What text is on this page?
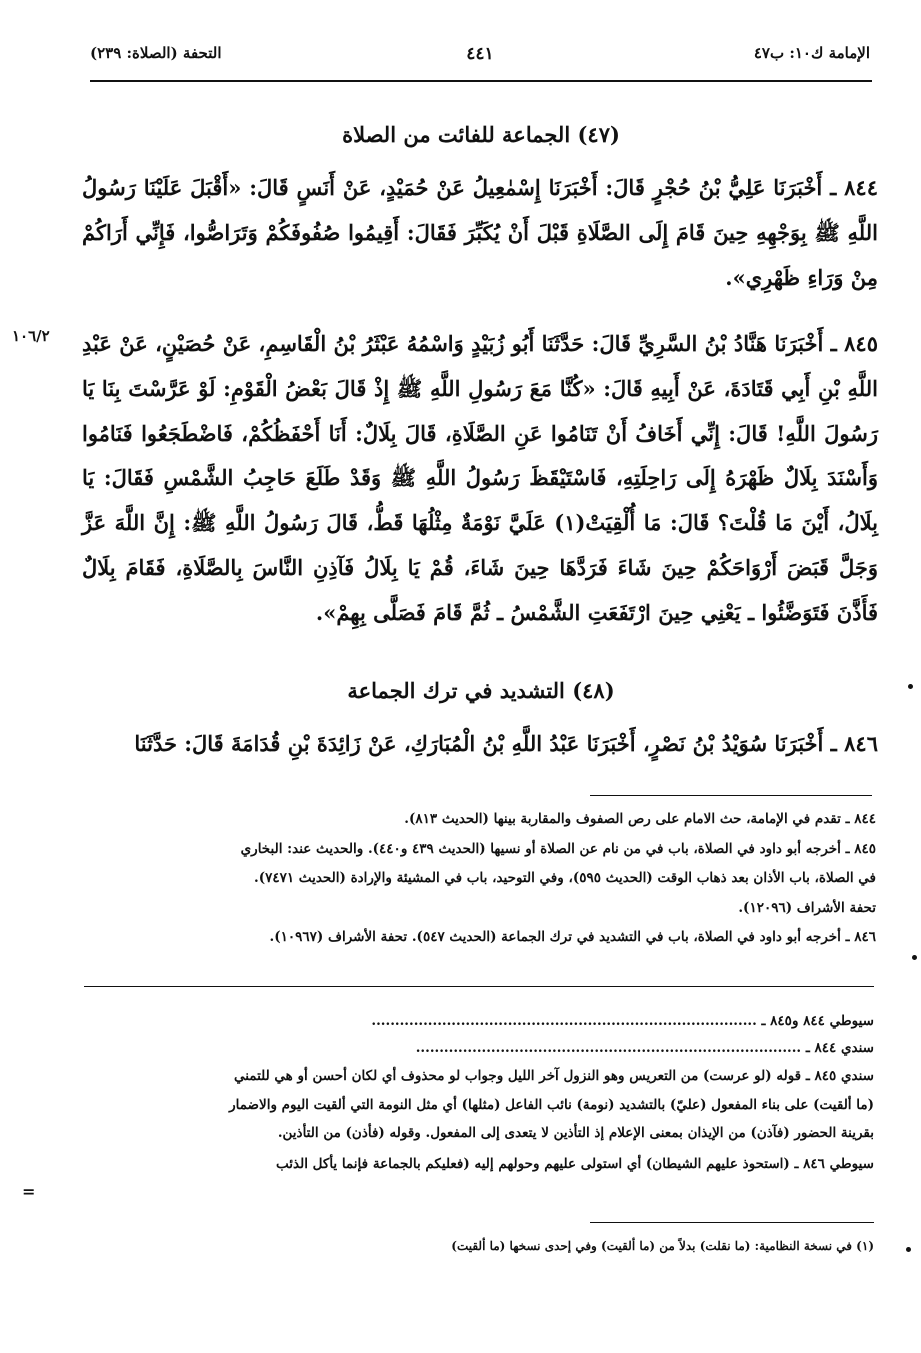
الإمامة ك١٠: ب٤٧
٤٤١
التحفة (الصلاة: ٢٣٩)
(٤٧) الجماعة للفائت من الصلاة
٨٤٤ ـ أَخْبَرَنَا عَلِيُّ بْنُ حُجْرٍ قَالَ: أَخْبَرَنَا إِسْمٰعِيلُ عَنْ حُمَيْدٍ، عَنْ أَنَسٍ قَالَ: «أَقْبَلَ عَلَيْنَا رَسُولُ اللَّهِ ﷺ بِوَجْهِهِ حِينَ قَامَ إِلَى الصَّلَاةِ قَبْلَ أَنْ يُكَبِّرَ فَقَالَ: أَقِيمُوا صُفُوفَكُمْ وَتَرَاصُّوا، فَإِنِّي أَرَاكُمْ مِنْ وَرَاءِ ظَهْرِي».
١٠٦/٢ ٨٤٥ ـ أَخْبَرَنَا هَنَّادُ بْنُ السَّرِيِّ قَالَ: حَدَّثَنَا أَبُو زُبَيْدٍ وَاسْمُهُ عَبْثَرُ بْنُ الْقَاسِمِ، عَنْ حُصَيْنٍ، عَنْ عَبْدِ اللَّهِ بْنِ أَبِي قَتَادَةَ، عَنْ أَبِيهِ قَالَ: «كُنَّا مَعَ رَسُولِ اللَّهِ ﷺ إِذْ قَالَ بَعْضُ الْقَوْمِ: لَوْ عَرَّسْتَ بِنَا يَا رَسُولَ اللَّهِ! قَالَ: إِنِّي أَخَافُ أَنْ تَنَامُوا عَنِ الصَّلَاةِ، قَالَ بِلَالٌ: أَنَا أَحْفَظُكُمْ، فَاضْطَجَعُوا فَنَامُوا وَأَسْنَدَ بِلَالٌ ظَهْرَهُ إِلَى رَاحِلَتِهِ، فَاسْتَيْقَظَ رَسُولُ اللَّهِ ﷺ وَقَدْ طَلَعَ حَاجِبُ الشَّمْسِ فَقَالَ: يَا بِلَالُ، أَيْنَ مَا قُلْتَ؟ قَالَ: مَا أُلْقِيَتْ(١) عَلَيَّ نَوْمَةٌ مِثْلُهَا قَطُّ، قَالَ رَسُولُ اللَّهِ ﷺ: إِنَّ اللَّهَ عَزَّ وَجَلَّ قَبَضَ أَرْوَاحَكُمْ حِينَ شَاءَ فَرَدَّهَا حِينَ شَاءَ، قُمْ يَا بِلَالُ فَآذِنِ النَّاسَ بِالصَّلَاةِ، فَقَامَ بِلَالٌ فَأَذَّنَ فَتَوَضَّئُوا ـ يَعْنِي حِينَ ارْتَفَعَتِ الشَّمْسُ ـ ثُمَّ قَامَ فَصَلَّى بِهِمْ».
(٤٨) التشديد في ترك الجماعة
٨٤٦ ـ أَخْبَرَنَا سُوَيْدُ بْنُ نَصْرٍ، أَخْبَرَنَا عَبْدُ اللَّهِ بْنُ الْمُبَارَكِ، عَنْ زَائِدَةَ بْنِ قُدَامَةَ قَالَ: حَدَّثَنَا
٨٤٤ ـ تقدم في الإمامة، حث الامام على رص الصفوف والمقاربة بينها (الحديث ٨١٣).
٨٤٥ ـ أخرجه أبو داود في الصلاة، باب في من نام عن الصلاة أو نسيها (الحديث ٤٣٩ و٤٤٠). والحديث عند: البخاري
في الصلاة، باب الأذان بعد ذهاب الوقت (الحديث ٥٩٥)، وفي التوحيد، باب في المشيئة والإرادة (الحديث ٧٤٧١).
تحفة الأشراف (١٢٠٩٦).
٨٤٦ ـ أخرجه أبو داود في الصلاة، باب في التشديد في ترك الجماعة (الحديث ٥٤٧). تحفة الأشراف (١٠٩٦٧).
سيوطي ٨٤٤ و٨٤٥ ـ ..................................................................................
سندي ٨٤٤ ـ ..................................................................................
سندي ٨٤٥ ـ قوله (لو عرست) من التعريس وهو النزول آخر الليل وجواب لو محذوف أي لكان أحسن أو هي للتمني
(ما ألقيت) على بناء المفعول (عليّ) بالتشديد (نومة) نائب الفاعل (مثلها) أي مثل النومة التي ألقيت اليوم والاضمار
بقرينة الحضور (فآذن) من الإيذان بمعنى الإعلام إذ التأذين لا يتعدى إلى المفعول. وقوله (فأذن) من التأذين.
سيوطي ٨٤٦ ـ (استحوذ عليهم الشيطان) أي استولى عليهم وحولهم إليه (فعليكم بالجماعة فإنما يأكل الذئب
=
(١) في نسخة النظامية: (ما نقلت) بدلاً من (ما ألقيت) وفي إحدى نسخها (ما ألقيت)
